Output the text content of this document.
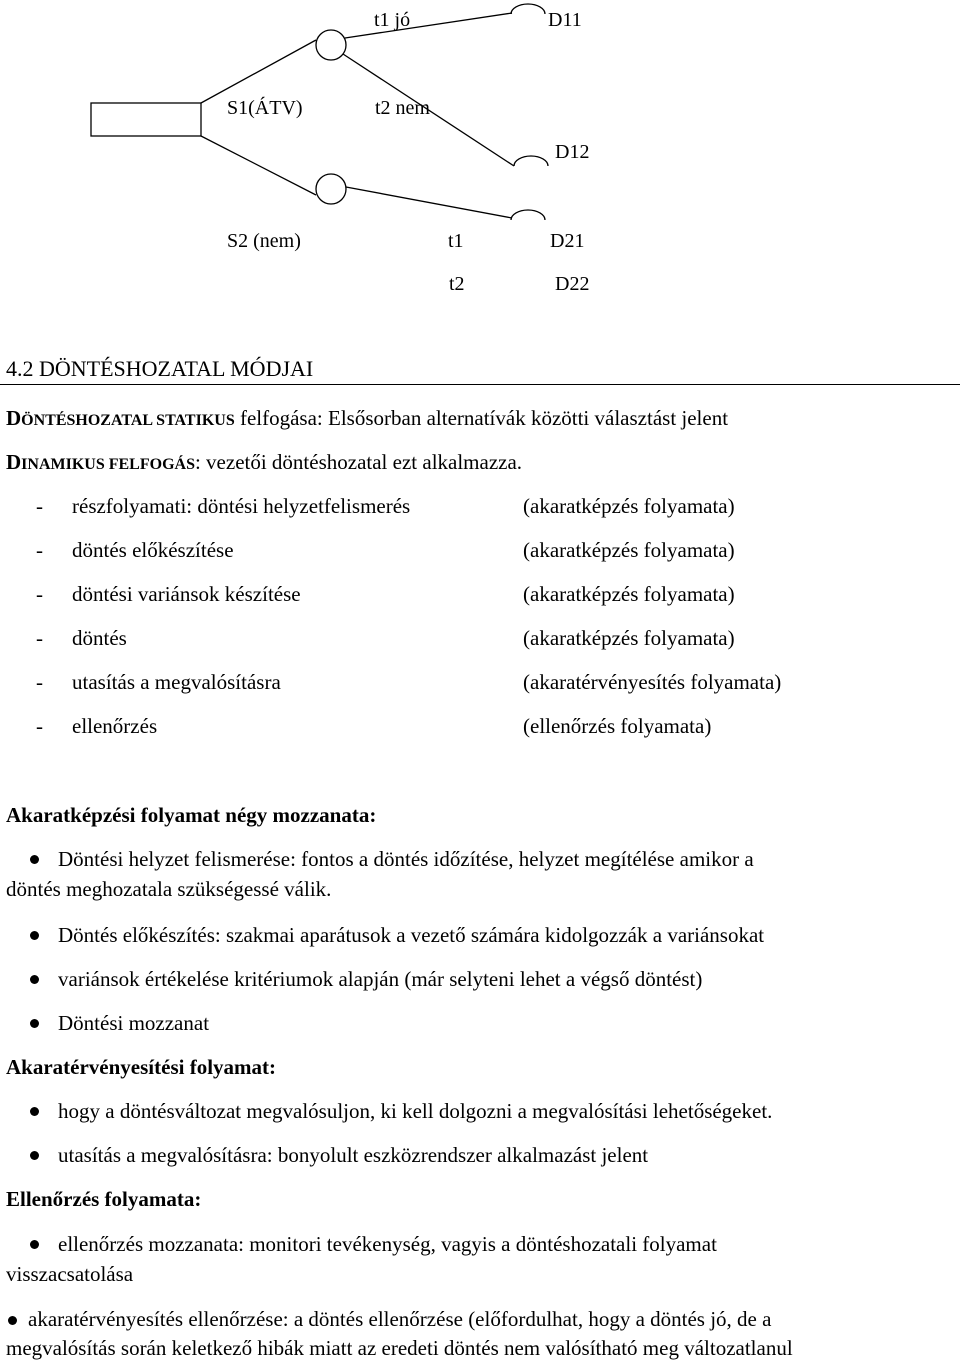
t1 jó	D11
S1(ÁTV)	t2 nem
D12
S2 (nem)	t1	D21
t2	D22
4.2 DÖNTÉSHOZATAL MÓDJAI
DÖNTÉSHOZATAL STATIKUS felfogása: Elsősorban alternatívák közötti választást jelent
DINAMIKUS FELFOGÁS: vezetői döntéshozatal ezt alkalmazza.
- részfolyamati: döntési helyzetfelismerés	(akaratképzés folyamata)
- döntés előkészítése	(akaratképzés folyamata)
- döntési variánsok készítése	(akaratképzés folyamata)
- döntés	(akaratképzés folyamata)
- utasítás a megvalósításra	(akaratérvényesítés folyamata)
- ellenőrzés	(ellenőrzés folyamata)
Akaratképzési folyamat négy mozzanata:
Döntési helyzet felismerése: fontos a döntés időzítése, helyzet megítélése amikor a
döntés meghozatala szükségessé válik.
Döntés előkészítés: szakmai aparátusok a vezető számára kidolgozzák a variánsokat
variánsok értékelése kritériumok alapján (már selyteni lehet a végső döntést)
Döntési mozzanat
Akaratérvényesítési folyamat:
hogy a döntésváltozat megvalósuljon, ki kell dolgozni a megvalósítási lehetőségeket.
utasítás a megvalósításra: bonyolult eszközrendszer alkalmazást jelent
Ellenőrzés folyamata:
ellenőrzés mozzanata: monitori tevékenység, vagyis a döntéshozatali folyamat
visszacsatolása
akaratérvényesítés ellenőrzése: a döntés ellenőrzése (előfordulhat, hogy a döntés jó, de a
megvalósítás során keletkező hibák miatt az eredeti döntés nem valósítható meg változatlanul
